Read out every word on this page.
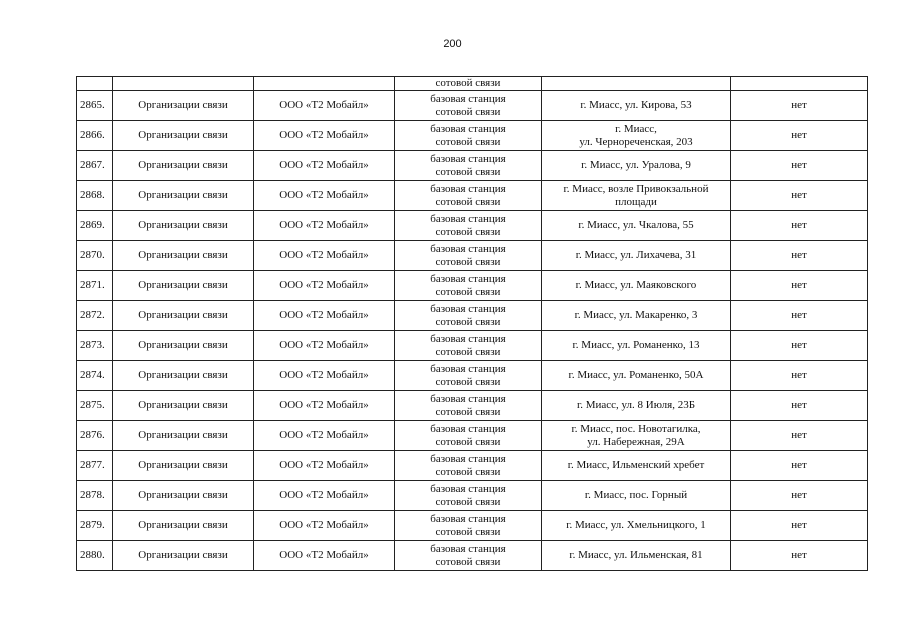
200

			сотовой связи		

2865.	Организации связи	ООО «Т2 Мобайл»	базовая станция
сотовой связи	г. Миасс, ул. Кирова, 53	нет
2866.	Организации связи	ООО «Т2 Мобайл»	базовая станция
сотовой связи	г. Миасс,
ул. Черноречeнская, 203	нет
2867.	Организации связи	ООО «Т2 Мобайл»	базовая станция
сотовой связи	г. Миасс, ул. Уралова, 9	нет
2868.	Организации связи	ООО «Т2 Мобайл»	базовая станция
сотовой связи	г. Миасс, возле Привокзальной
площади	нет
2869.	Организации связи	ООО «Т2 Мобайл»	базовая станция
сотовой связи	г. Миасс, ул. Чкалова, 55	нет
2870.	Организации связи	ООО «Т2 Мобайл»	базовая станция
сотовой связи	г. Миасс, ул. Лихачева, 31	нет
2871.	Организации связи	ООО «Т2 Мобайл»	базовая станция
сотовой связи	г. Миасс, ул. Маяковского	нет
2872.	Организации связи	ООО «Т2 Мобайл»	базовая станция
сотовой связи	г. Миасс, ул. Макаренко, 3	нет
2873.	Организации связи	ООО «Т2 Мобайл»	базовая станция
сотовой связи	г. Миасс, ул. Романенко, 13	нет
2874.	Организации связи	ООО «Т2 Мобайл»	базовая станция
сотовой связи	г. Миасс, ул. Романенко, 50А	нет
2875.	Организации связи	ООО «Т2 Мобайл»	базовая станция
сотовой связи	г. Миасс, ул. 8 Июля, 23Б	нет
2876.	Организации связи	ООО «Т2 Мобайл»	базовая станция
сотовой связи	г. Миасс, пос. Новотагилка,
ул. Набережная, 29А	нет
2877.	Организации связи	ООО «Т2 Мобайл»	базовая станция
сотовой связи	г. Миасс, Ильменский хребет	нет
2878.	Организации связи	ООО «Т2 Мобайл»	базовая станция
сотовой связи	г. Миасс, пос. Горный	нет
2879.	Организации связи	ООО «Т2 Мобайл»	базовая станция
сотовой связи	г. Миасс, ул. Хмельницкого, 1	нет
2880.	Организации связи	ООО «Т2 Мобайл»	базовая станция
сотовой связи	г. Миасс, ул. Ильменская, 81	нет
